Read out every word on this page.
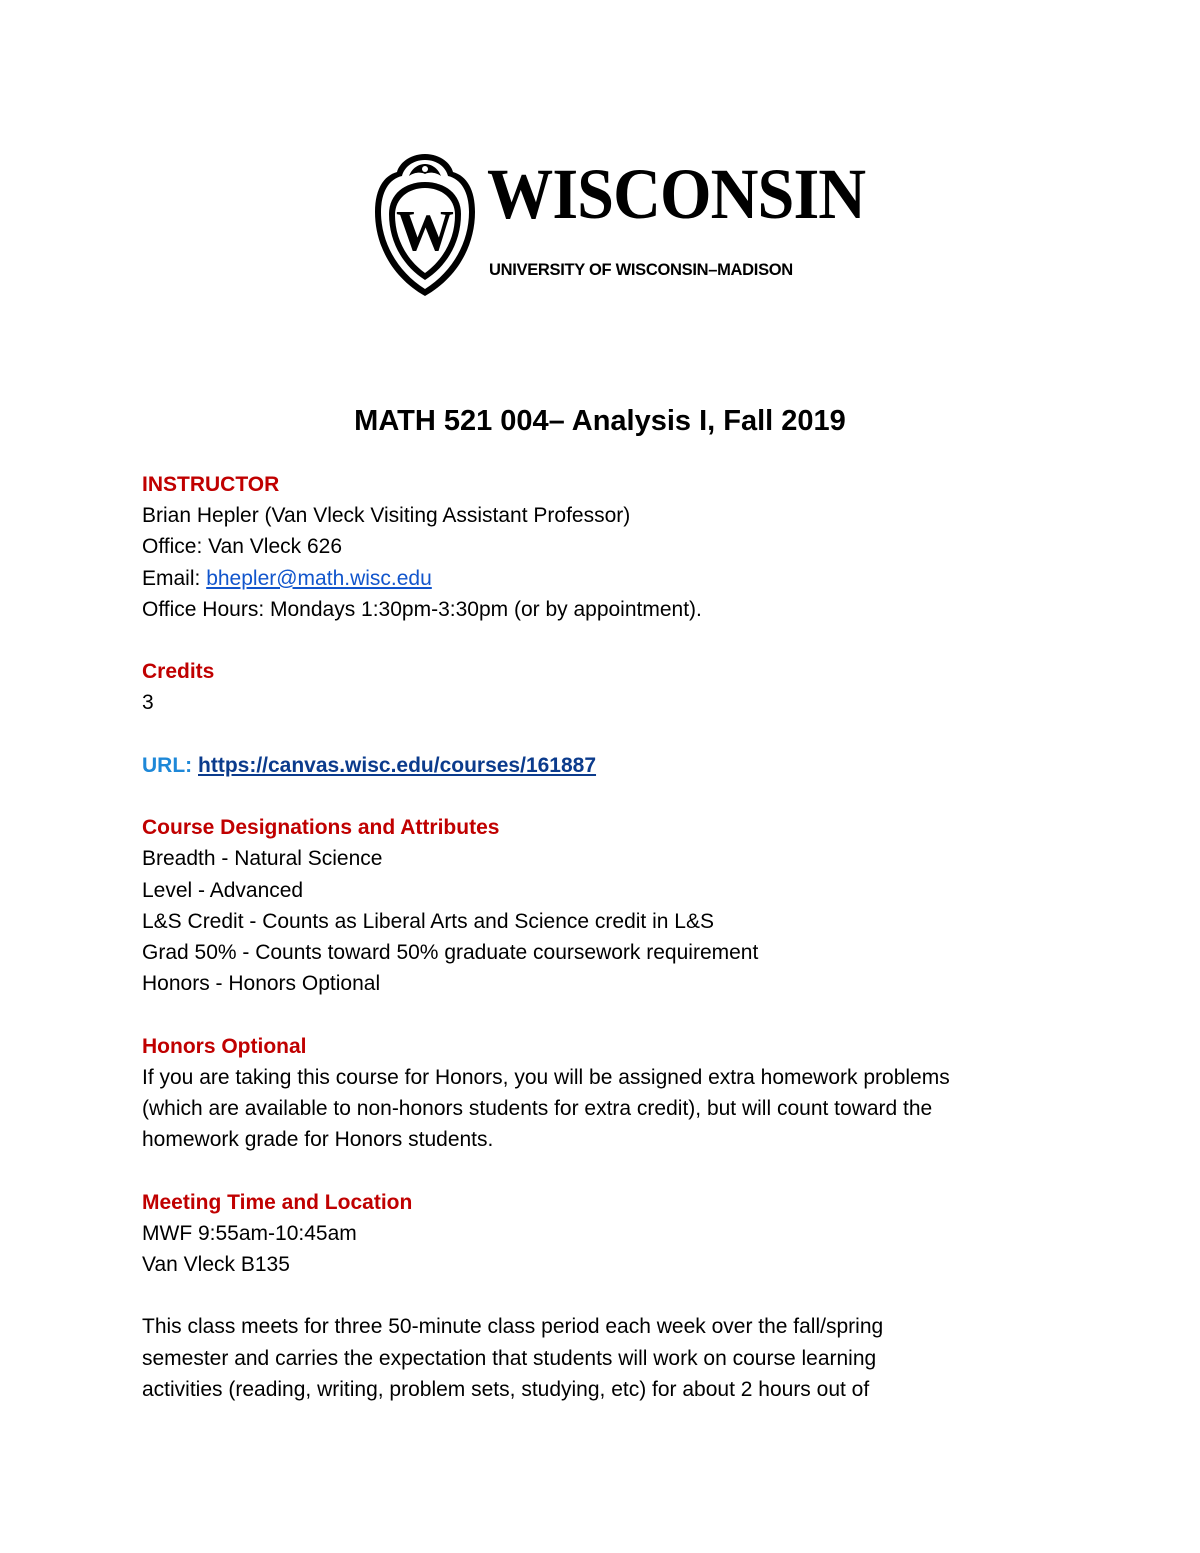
W WISCONSIN
UNIVERSITY OF WISCONSIN–MADISON
MATH 521 004– Analysis I, Fall 2019

INSTRUCTOR

Brian Hepler (Van Vleck Visiting Assistant Professor)

Office: Van Vleck 626

Email: bhepler@math.wisc.edu

Office Hours: Mondays 1:30pm-3:30pm (or by appointment).

Credits

3

URL: https://canvas.wisc.edu/courses/161887

Course Designations and Attributes

Breadth - Natural Science

Level - Advanced

L&S Credit - Counts as Liberal Arts and Science credit in L&S

Grad 50% - Counts toward 50% graduate coursework requirement

Honors - Honors Optional

Honors Optional

If you are taking this course for Honors, you will be assigned extra homework problems

(which are available to non-honors students for extra credit), but will count toward the

homework grade for Honors students.

Meeting Time and Location

MWF 9:55am-10:45am

Van Vleck B135

This class meets for three 50-minute class period each week over the fall/spring

semester and carries the expectation that students will work on course learning

activities (reading, writing, problem sets, studying, etc) for about 2 hours out of
